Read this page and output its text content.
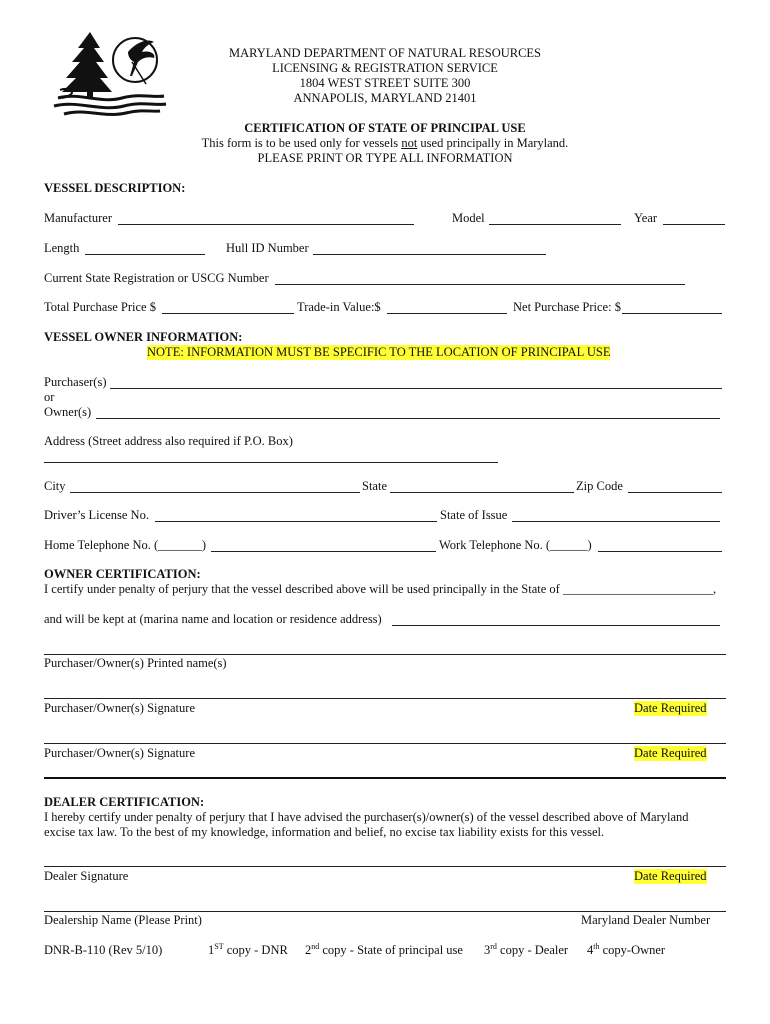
MARYLAND DEPARTMENT OF NATURAL RESOURCES
LICENSING & REGISTRATION SERVICE
1804 WEST STREET SUITE 300
ANNAPOLIS, MARYLAND 21401
CERTIFICATION OF STATE OF PRINCIPAL USE
This form is to be used only for vessels not used principally in Maryland.
PLEASE PRINT OR TYPE ALL INFORMATION
VESSEL DESCRIPTION:
Manufacturer	Model	Year
Length	Hull ID Number
Current State Registration or USCG Number
Total Purchase Price $	Trade-in Value:$	Net Purchase Price: $
VESSEL OWNER INFORMATION:
NOTE: INFORMATION MUST BE SPECIFIC TO THE LOCATION OF PRINCIPAL USE
Purchaser(s)
or
Owner(s)
Address (Street address also required if P.O. Box)
City	State	Zip Code
Driver’s License No.	State of Issue
Home Telephone No. (_______)	Work Telephone No. (______)
OWNER CERTIFICATION:
I certify under penalty of perjury that the vessel described above will be used principally in the State of ________________________,
and will be kept at (marina name and location or residence address)
Purchaser/Owner(s) Printed name(s)
Purchaser/Owner(s) Signature	Date Required
Purchaser/Owner(s) Signature	Date Required
DEALER CERTIFICATION:
I hereby certify under penalty of perjury that I have advised the purchaser(s)/owner(s) of the vessel described above of Maryland
excise tax law. To the best of my knowledge, information and belief, no excise tax liability exists for this vessel.
Dealer Signature	Date Required
Dealership Name (Please Print)	Maryland Dealer Number
DNR-B-110 (Rev 5/10)	1ST copy - DNR 2nd copy - State of principal use 3rd copy - Dealer 4th copy-Owner
